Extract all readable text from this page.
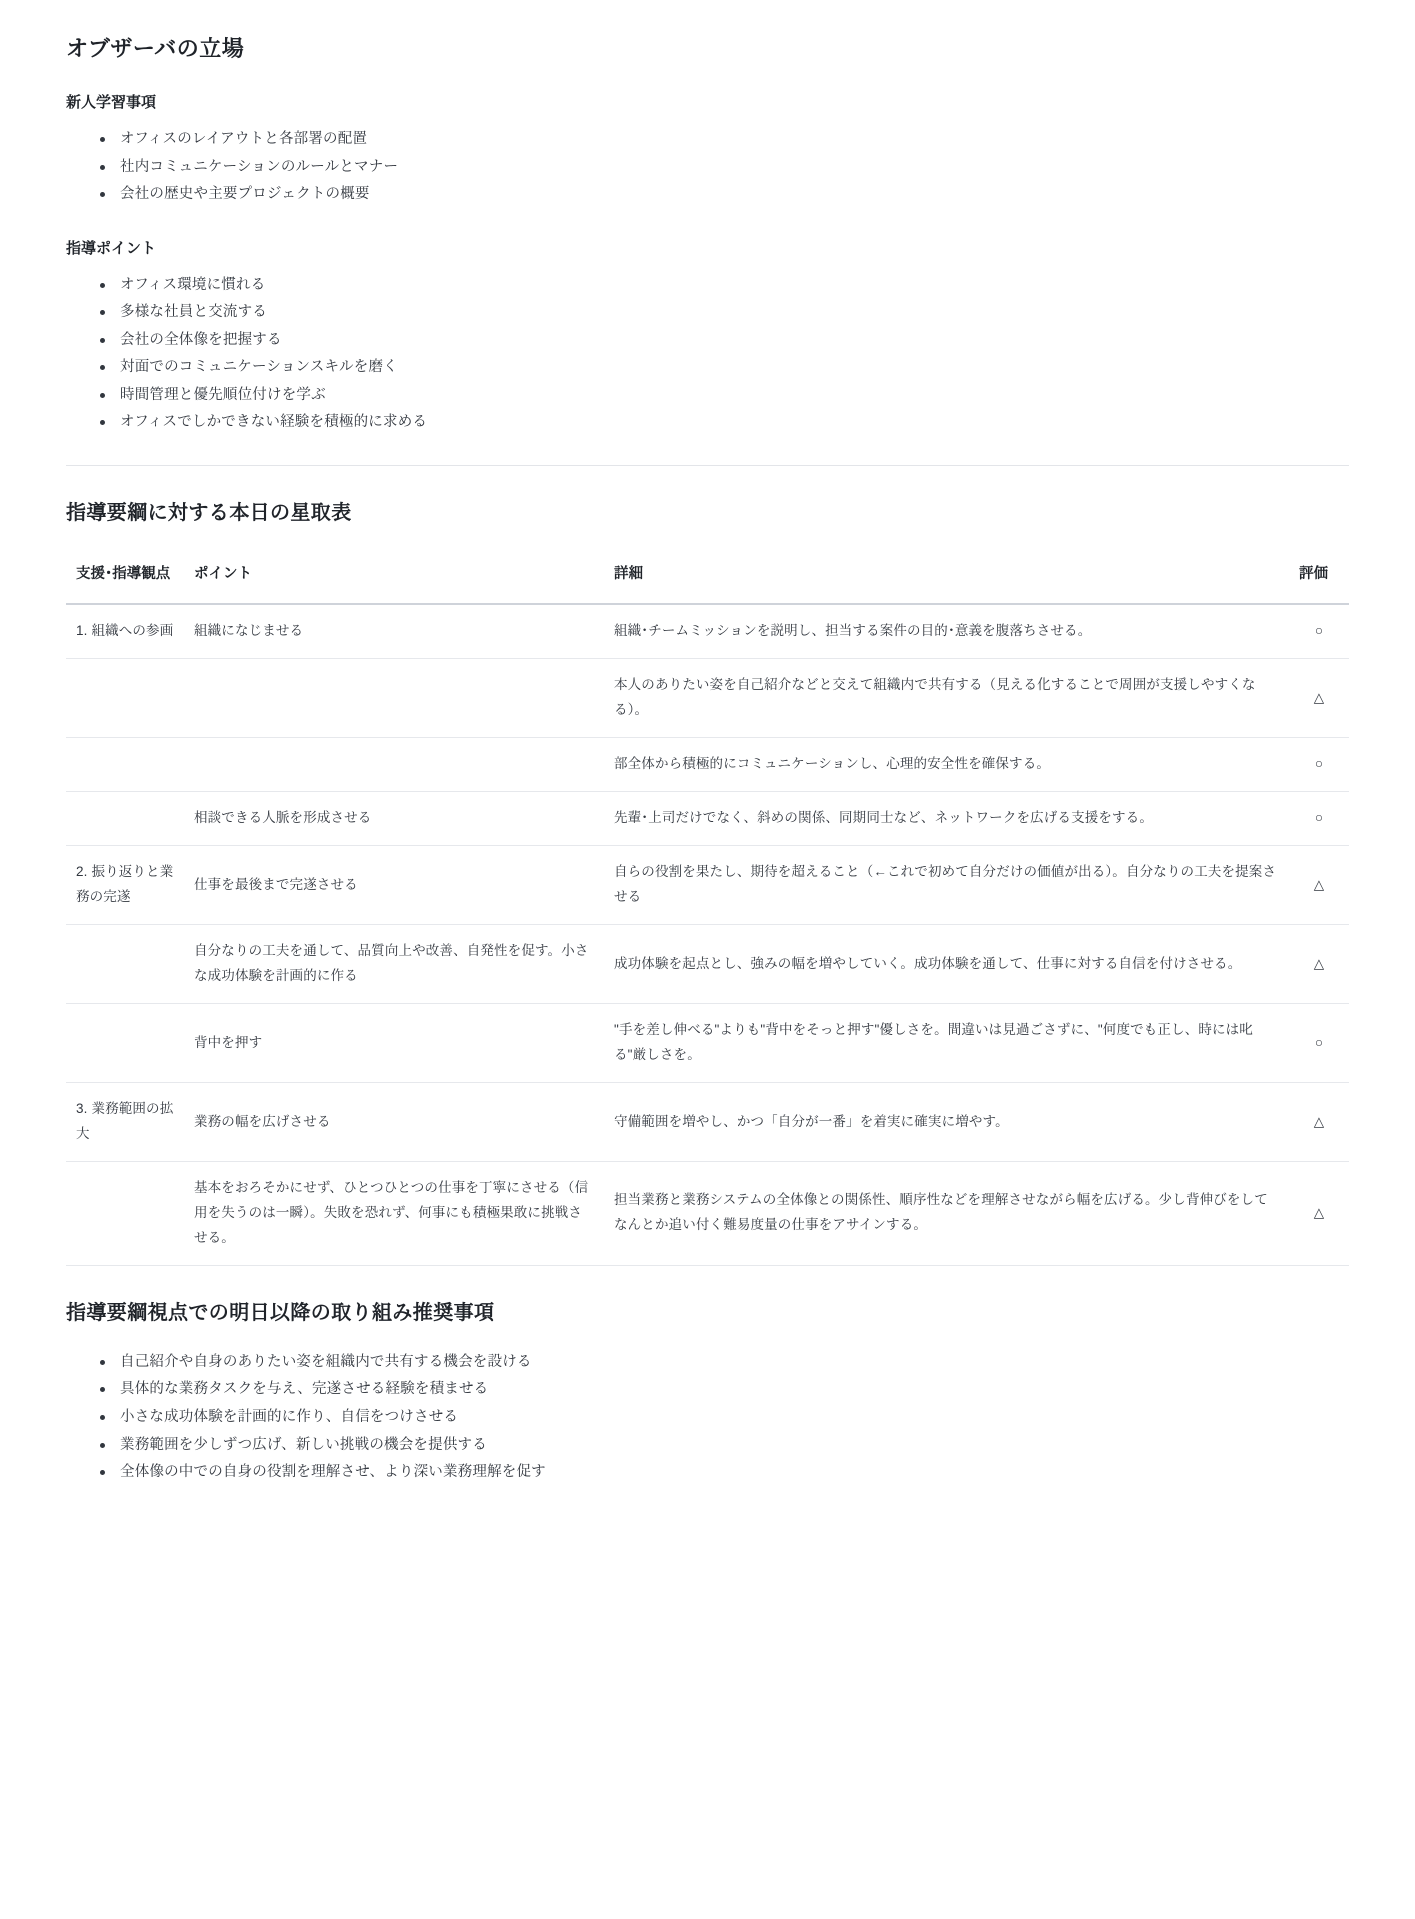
オブザーバの立場
新人学習事項
オフィスのレイアウトと各部署の配置
社内コミュニケーションのルールとマナー
会社の歴史や主要プロジェクトの概要
指導ポイント
オフィス環境に慣れる
多様な社員と交流する
会社の全体像を把握する
対面でのコミュニケーションスキルを磨く
時間管理と優先順位付けを学ぶ
オフィスでしかできない経験を積極的に求める
指導要綱に対する本日の星取表
支援･指導観点	ポイント	詳細	評価
1. 組織への参画	組織になじませる	組織･チームミッションを説明し、担当する案件の目的･意義を腹落ちさせる。	○
		本人のありたい姿を自己紹介などと交えて組織内で共有する（見える化することで周囲が支援しやすくなる）。	△
		部全体から積極的にコミュニケーションし、心理的安全性を確保する。	○
	相談できる人脈を形成させる	先輩･上司だけでなく、斜めの関係、同期同士など、ネットワークを広げる支援をする。	○
2. 振り返りと業務の完遂	仕事を最後まで完遂させる	自らの役割を果たし、期待を超えること（←これで初めて自分だけの価値が出る）。自分なりの工夫を提案させる	△
	自分なりの工夫を通して、品質向上や改善、自発性を促す。小さな成功体験を計画的に作る	成功体験を起点とし、強みの幅を増やしていく。成功体験を通して、仕事に対する自信を付けさせる。	△
	背中を押す	"手を差し伸べる"よりも"背中をそっと押す"優しさを。間違いは見過ごさずに、"何度でも正し、時には叱る"厳しさを。	○
3. 業務範囲の拡大	業務の幅を広げさせる	守備範囲を増やし、かつ「自分が一番」を着実に確実に増やす。	△
	基本をおろそかにせず、ひとつひとつの仕事を丁寧にさせる（信用を失うのは一瞬）。失敗を恐れず、何事にも積極果敢に挑戦させる。	担当業務と業務システムの全体像との関係性、順序性などを理解させながら幅を広げる。少し背伸びをしてなんとか追い付く難易度量の仕事をアサインする。	△
指導要綱視点での明日以降の取り組み推奨事項
自己紹介や自身のありたい姿を組織内で共有する機会を設ける
具体的な業務タスクを与え、完遂させる経験を積ませる
小さな成功体験を計画的に作り、自信をつけさせる
業務範囲を少しずつ広げ、新しい挑戦の機会を提供する
全体像の中での自身の役割を理解させ、より深い業務理解を促す
